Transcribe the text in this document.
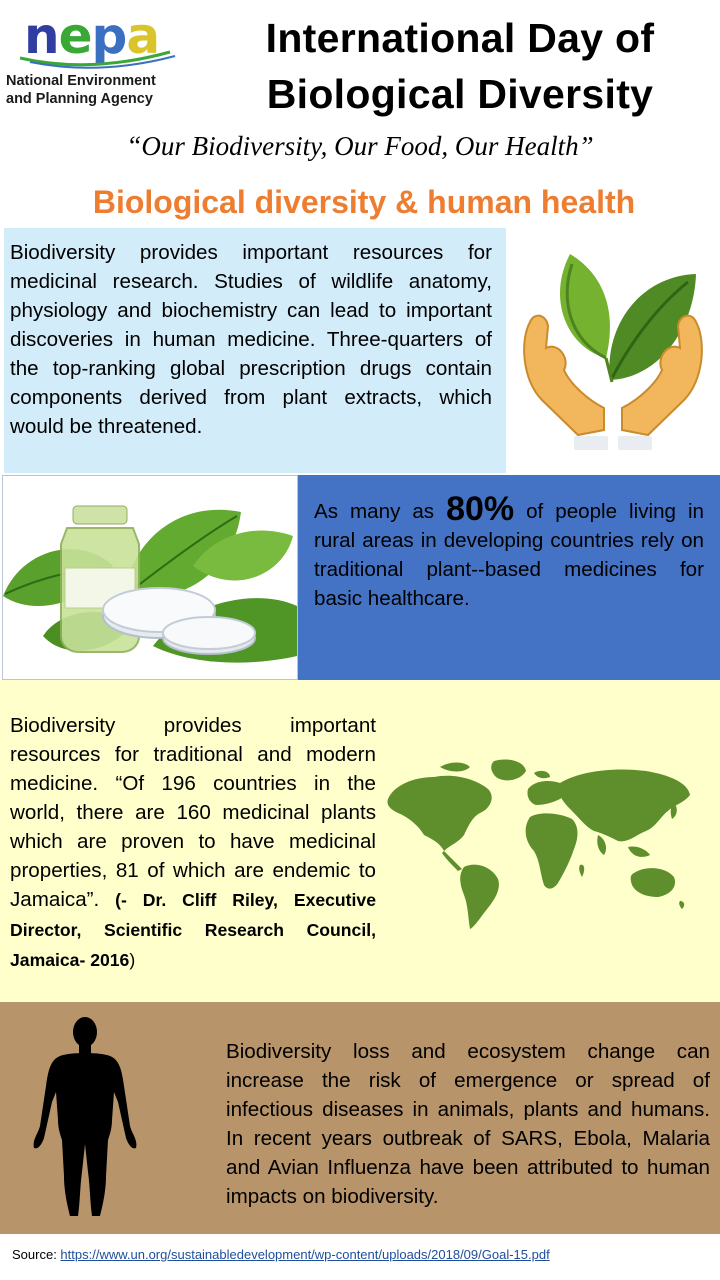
nepa
National Environment
and Planning Agency
International Day of
Biological Diversity
“Our Biodiversity, Our Food, Our Health”
Biological diversity & human health
Biodiversity provides important resources for medicinal research. Studies of wildlife anatomy, physiology and biochemistry can lead to important discoveries in human medicine. Three-quarters of the top-ranking global prescription drugs contain components derived from plant extracts, which would be threatened.
As many as 80% of people living in rural areas in developing countries rely on traditional plant--based medicines for basic healthcare.
Biodiversity provides important resources for traditional and modern medicine. “Of 196 countries in the world, there are 160 medicinal plants which are proven to have medicinal properties, 81 of which are endemic to Jamaica”. (- Dr. Cliff Riley, Executive Director, Scientific Research Council, Jamaica- 2016)
Biodiversity loss and ecosystem change can increase the risk of emergence or spread of infectious diseases in animals, plants and humans. In recent years outbreak of SARS, Ebola, Malaria and Avian Influenza have been attributed to human impacts on biodiversity.
Source: https://www.un.org/sustainabledevelopment/wp-content/uploads/2018/09/Goal-15.pdf
